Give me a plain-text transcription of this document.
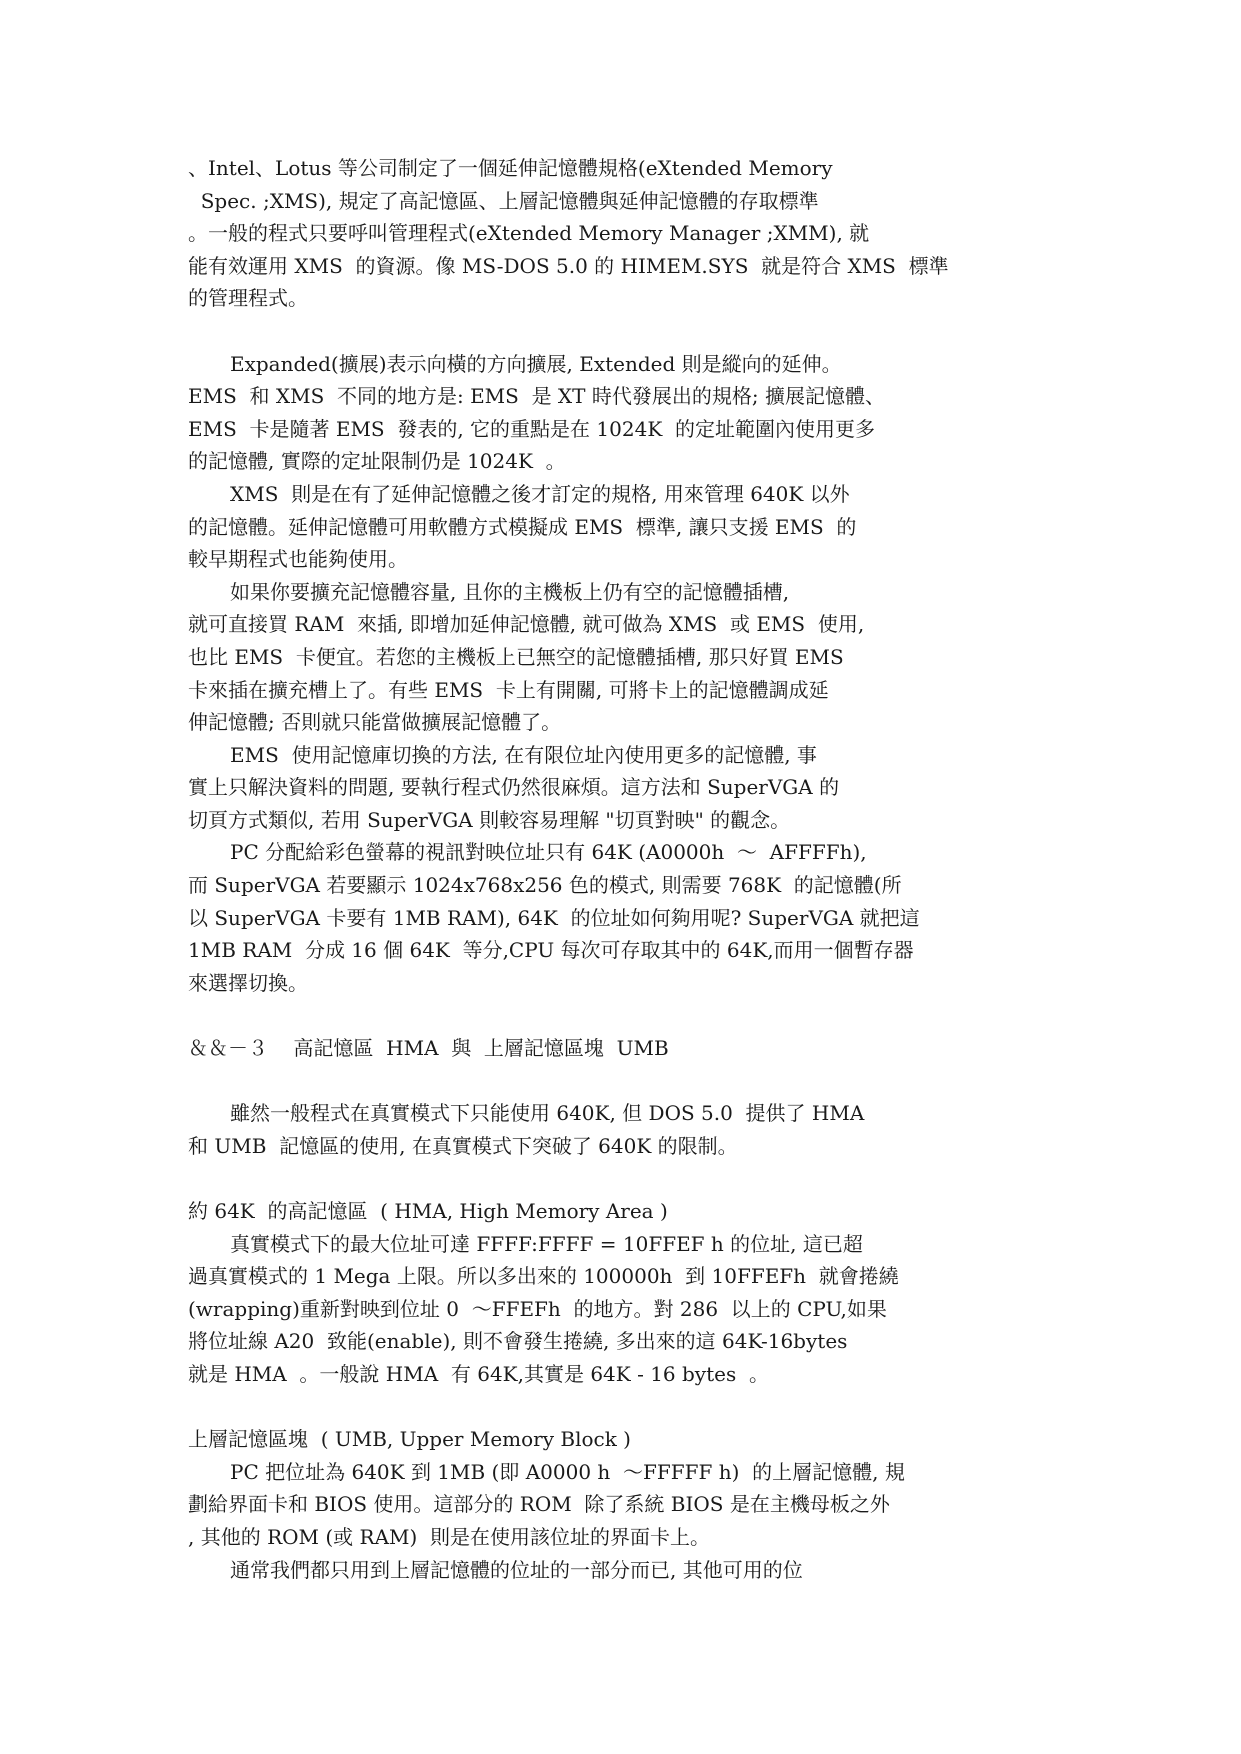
、Intel、Lotus 等公司制定了一個延伸記憶體規格(eXtended Memory
Spec. ;XMS), 規定了高記憶區、上層記憶體與延伸記憶體的存取標準
。一般的程式只要呼叫管理程式(eXtended Memory Manager ;XMM), 就
能有效運用 XMS  的資源。像 MS-DOS 5.0 的 HIMEM.SYS  就是符合 XMS  標準
的管理程式。
Expanded(擴展)表示向橫的方向擴展, Extended 則是縱向的延伸。
EMS  和 XMS  不同的地方是: EMS  是 XT 時代發展出的規格; 擴展記憶體、
EMS  卡是隨著 EMS  發表的, 它的重點是在 1024K  的定址範圍內使用更多
的記憶體, 實際的定址限制仍是 1024K  。
XMS  則是在有了延伸記憶體之後才訂定的規格, 用來管理 640K 以外
的記憶體。延伸記憶體可用軟體方式模擬成 EMS  標準, 讓只支援 EMS  的
較早期程式也能夠使用。
如果你要擴充記憶體容量, 且你的主機板上仍有空的記憶體插槽,
就可直接買 RAM  來插, 即增加延伸記憶體, 就可做為 XMS  或 EMS  使用,
也比 EMS  卡便宜。若您的主機板上已無空的記憶體插槽, 那只好買 EMS
卡來插在擴充槽上了。有些 EMS  卡上有開關, 可將卡上的記憶體調成延
伸記憶體; 否則就只能當做擴展記憶體了。
EMS  使用記憶庫切換的方法, 在有限位址內使用更多的記憶體, 事
實上只解決資料的問題, 要執行程式仍然很麻煩。這方法和 SuperVGA 的
切頁方式類似, 若用 SuperVGA 則較容易理解 "切頁對映" 的觀念。
PC 分配給彩色螢幕的視訊對映位址只有 64K (A0000h  ～  AFFFFh),
而 SuperVGA 若要顯示 1024x768x256 色的模式, 則需要 768K  的記憶體(所
以 SuperVGA 卡要有 1MB RAM), 64K  的位址如何夠用呢? SuperVGA 就把這
1MB RAM  分成 16 個 64K  等分,CPU 每次可存取其中的 64K,而用一個暫存器
來選擇切換。
＆＆－３    高記憶區  HMA  與  上層記憶區塊  UMB
雖然一般程式在真實模式下只能使用 640K, 但 DOS 5.0  提供了 HMA
和 UMB  記憶區的使用, 在真實模式下突破了 640K 的限制。
約 64K  的高記憶區  ( HMA, High Memory Area )
真實模式下的最大位址可達 FFFF:FFFF = 10FFEF h 的位址, 這已超
過真實模式的 1 Mega 上限。所以多出來的 100000h  到 10FFEFh  就會捲繞
(wrapping)重新對映到位址 0  ～FFEFh  的地方。對 286  以上的 CPU,如果
將位址線 A20  致能(enable), 則不會發生捲繞, 多出來的這 64K-16bytes
就是 HMA  。一般說 HMA  有 64K,其實是 64K - 16 bytes  。
上層記憶區塊  ( UMB, Upper Memory Block )
PC 把位址為 640K 到 1MB (即 A0000 h  ～FFFFF h)  的上層記憶體, 規
劃給界面卡和 BIOS 使用。這部分的 ROM  除了系統 BIOS 是在主機母板之外
, 其他的 ROM (或 RAM)  則是在使用該位址的界面卡上。
通常我們都只用到上層記憶體的位址的一部分而已, 其他可用的位
